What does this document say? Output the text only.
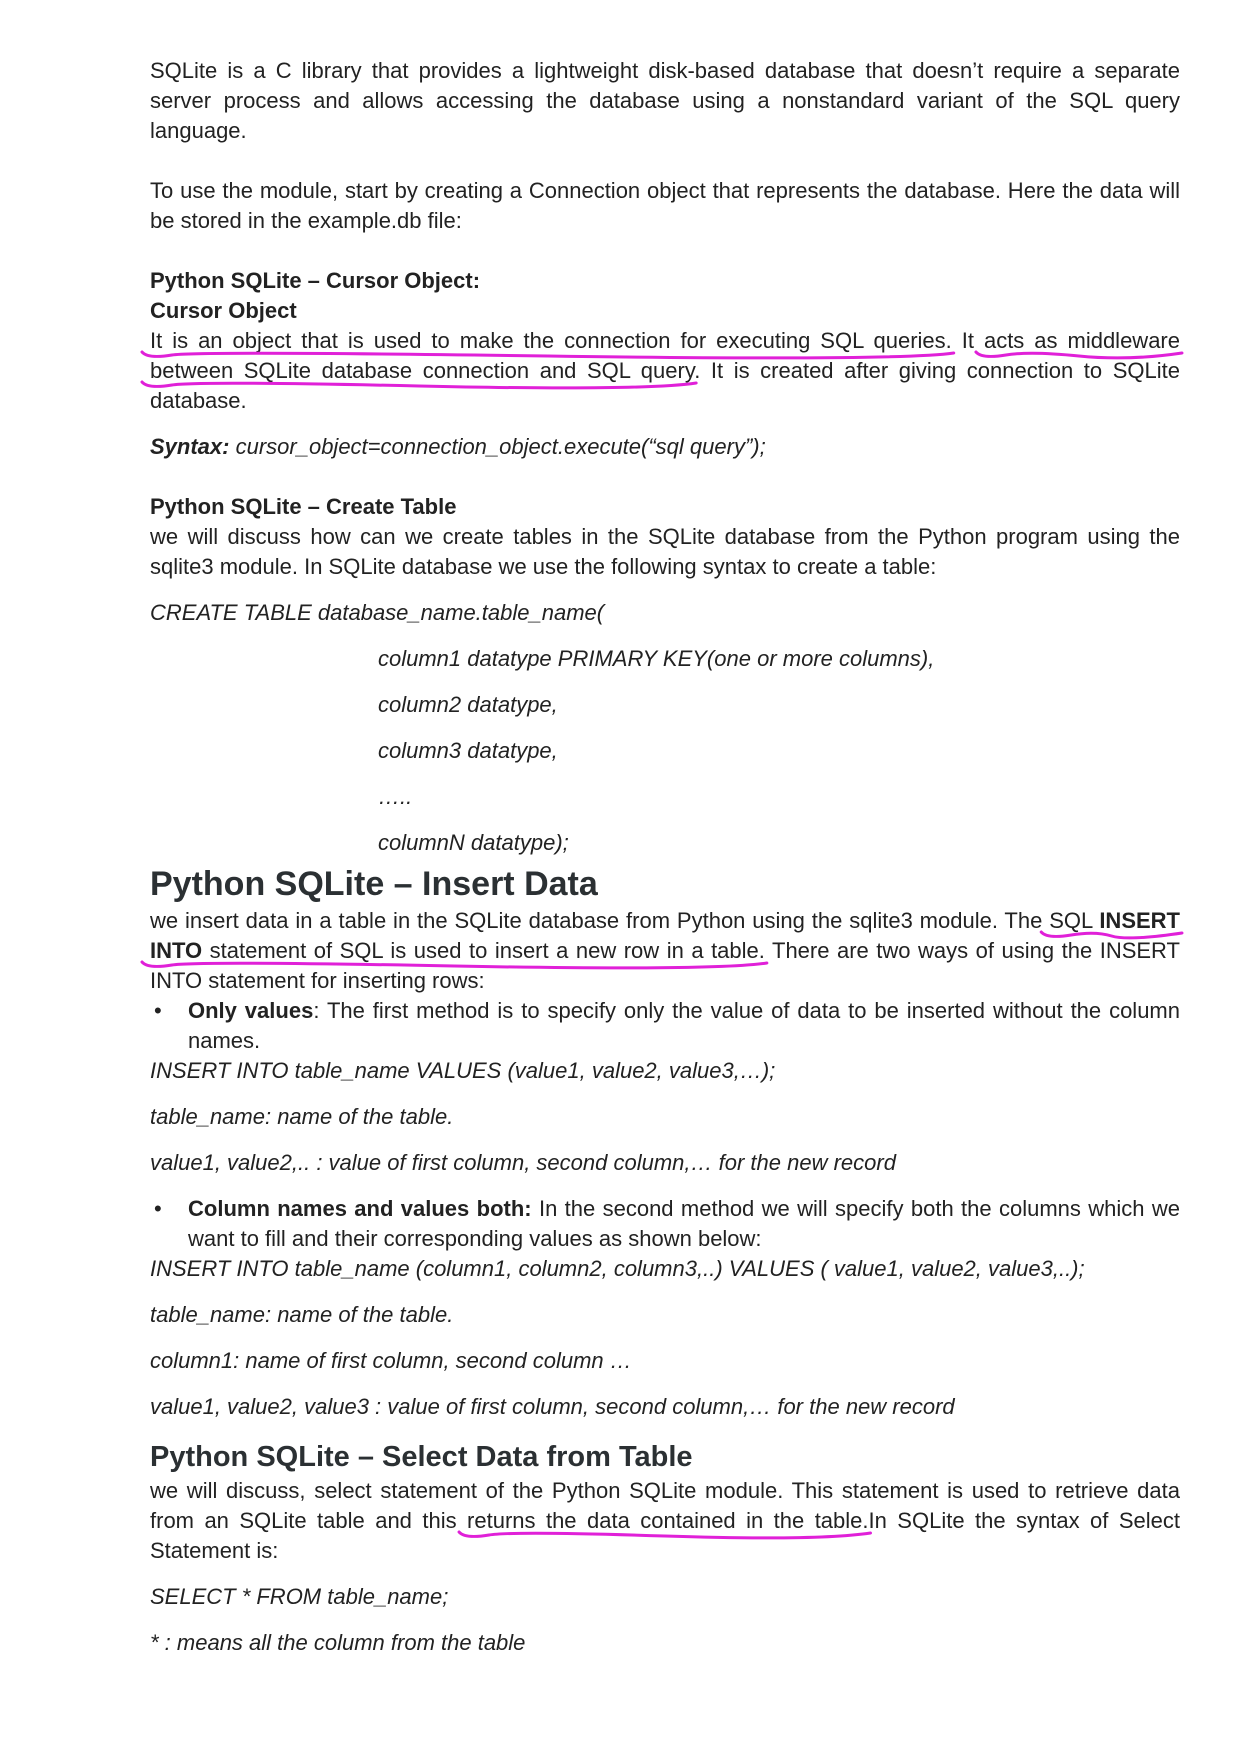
SQLite is a C library that provides a lightweight disk-based database that doesn’t require a separate server process and allows accessing the database using a nonstandard variant of the SQL query language.

To use the module, start by creating a Connection object that represents the database. Here the data will be stored in the example.db file:

Python SQLite – Cursor Object:
Cursor Object

It is an object that is used to make the connection for executing SQL queries. It acts as middleware between SQLite database connection and SQL query. It is created after giving connection to SQLite database.

Syntax: cursor_object=connection_object.execute(“sql query”);

Python SQLite – Create Table

we will discuss how can we create tables in the SQLite database from the Python program using the sqlite3 module. In SQLite database we use the following syntax to create a table:

CREATE TABLE database_name.table_name(

column1 datatype PRIMARY KEY(one or more columns),

column2 datatype,

column3 datatype,

…..

columnN datatype);

Python SQLite – Insert Data

we insert data in a table in the SQLite database from Python using the sqlite3 module. The SQL INSERT INTO statement of SQL is used to insert a new row in a table. There are two ways of using the INSERT INTO statement for inserting rows:

• Only values: The first method is to specify only the value of data to be inserted without the column names.

INSERT INTO table_name VALUES (value1, value2, value3,…);

table_name: name of the table.

value1, value2,.. : value of first column, second column,… for the new record

• Column names and values both: In the second method we will specify both the columns which we want to fill and their corresponding values as shown below:

INSERT INTO table_name (column1, column2, column3,..) VALUES ( value1, value2, value3,..);

table_name: name of the table.

column1: name of first column, second column …

value1, value2, value3 : value of first column, second column,… for the new record

Python SQLite – Select Data from Table

we will discuss, select statement of the Python SQLite module. This statement is used to retrieve data from an SQLite table and this returns the data contained in the table.In SQLite the syntax of Select Statement is:

SELECT * FROM table_name;

* : means all the column from the table
